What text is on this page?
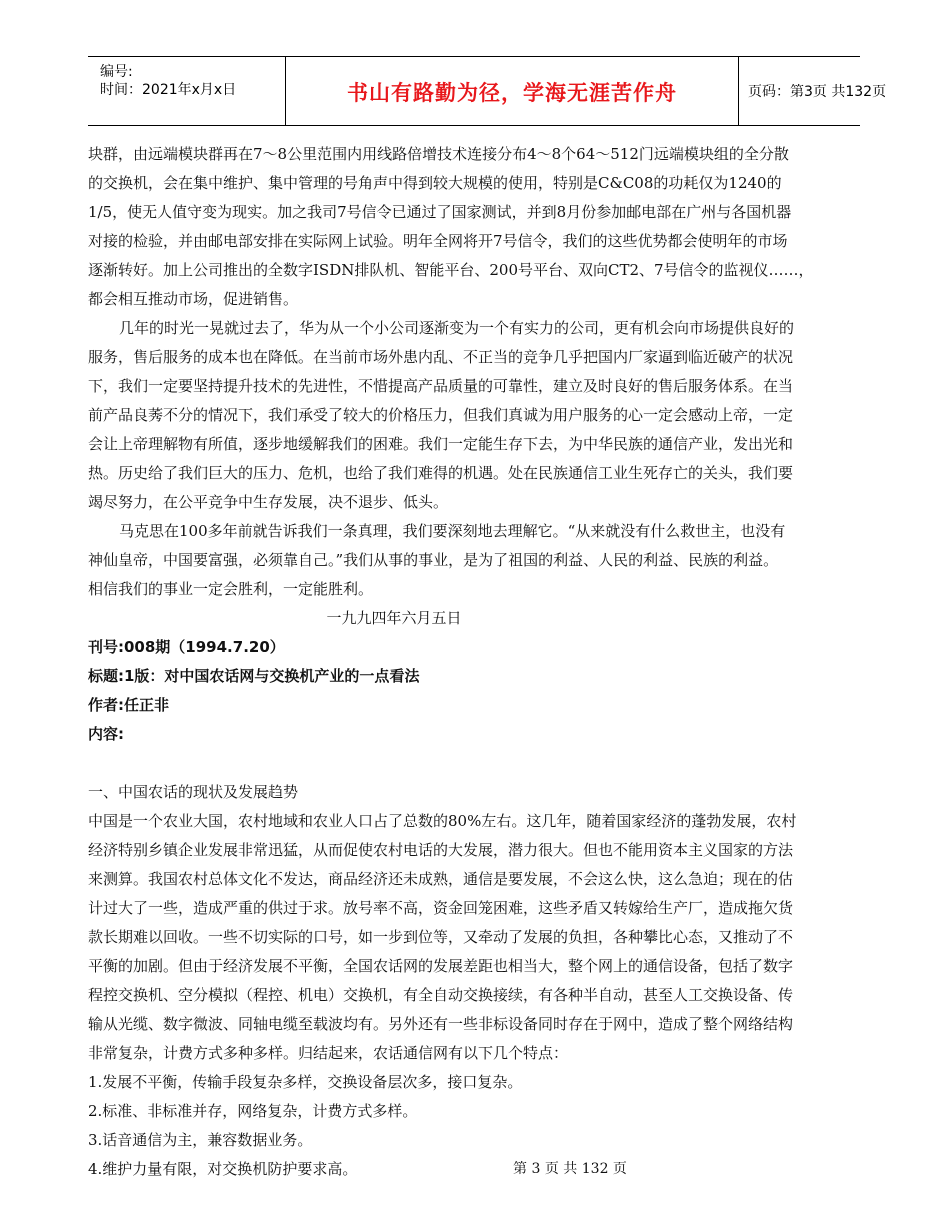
编号:
时间：2021年x月x日	书山有路勤为径，学海无涯苦作舟	页码：第3页 共132页
块群，由远端模块群再在7～8公里范围内用线路倍增技术连接分布4～8个64～512门远端模块组的全分散
的交换机，会在集中维护、集中管理的号角声中得到较大规模的使用，特别是C&C08的功耗仅为1240的
1/5，使无人值守变为现实。加之我司7号信令已通过了国家测试，并到8月份参加邮电部在广州与各国机器
对接的检验，并由邮电部安排在实际网上试验。明年全网将开7号信令，我们的这些优势都会使明年的市场
逐渐转好。加上公司推出的全数字ISDN排队机、智能平台、200号平台、双向CT2、7号信令的监视仪……，
都会相互推动市场，促进销售。
几年的时光一晃就过去了，华为从一个小公司逐渐变为一个有实力的公司，更有机会向市场提供良好的
服务，售后服务的成本也在降低。在当前市场外患内乱、不正当的竞争几乎把国内厂家逼到临近破产的状况
下，我们一定要坚持提升技术的先进性，不惜提高产品质量的可靠性，建立及时良好的售后服务体系。在当
前产品良莠不分的情况下，我们承受了较大的价格压力，但我们真诚为用户服务的心一定会感动上帝，一定
会让上帝理解物有所值，逐步地缓解我们的困难。我们一定能生存下去，为中华民族的通信产业，发出光和
热。历史给了我们巨大的压力、危机，也给了我们难得的机遇。处在民族通信工业生死存亡的关头，我们要
竭尽努力，在公平竞争中生存发展，决不退步、低头。
马克思在100多年前就告诉我们一条真理，我们要深刻地去理解它。“从来就没有什么救世主，也没有
神仙皇帝，中国要富强，必须靠自己。”我们从事的事业，是为了祖国的利益、人民的利益、民族的利益。
相信我们的事业一定会胜利，一定能胜利。
一九九四年六月五日
刊号:008期（1994.7.20）
标题:1版：对中国农话网与交换机产业的一点看法
作者:任正非
内容:
一、中国农话的现状及发展趋势
中国是一个农业大国，农村地域和农业人口占了总数的80%左右。这几年，随着国家经济的蓬勃发展，农村
经济特别乡镇企业发展非常迅猛，从而促使农村电话的大发展，潜力很大。但也不能用资本主义国家的方法
来测算。我国农村总体文化不发达，商品经济还未成熟，通信是要发展，不会这么快，这么急迫；现在的估
计过大了一些，造成严重的供过于求。放号率不高，资金回笼困难，这些矛盾又转嫁给生产厂，造成拖欠货
款长期难以回收。一些不切实际的口号，如一步到位等，又牵动了发展的负担，各种攀比心态，又推动了不
平衡的加剧。但由于经济发展不平衡，全国农话网的发展差距也相当大，整个网上的通信设备，包括了数字
程控交换机、空分模拟（程控、机电）交换机，有全自动交换接续，有各种半自动，甚至人工交换设备、传
输从光缆、数字微波、同轴电缆至载波均有。另外还有一些非标设备同时存在于网中，造成了整个网络结构
非常复杂，计费方式多种多样。归结起来，农话通信网有以下几个特点：
1.发展不平衡，传输手段复杂多样，交换设备层次多，接口复杂。
2.标准、非标准并存，网络复杂，计费方式多样。
3.话音通信为主，兼容数据业务。
4.维护力量有限，对交换机防护要求高。	第 3 页 共 132 页
